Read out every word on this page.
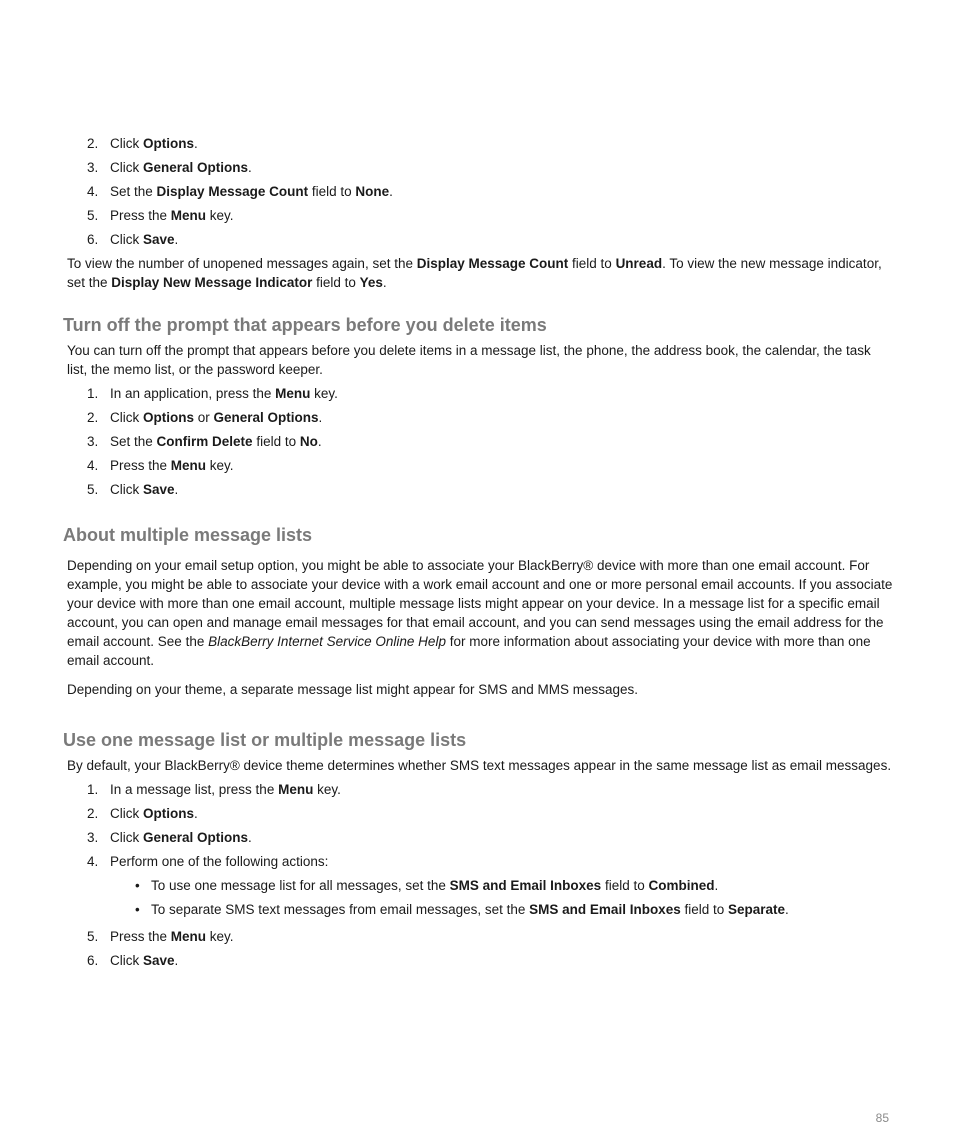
2. Click Options.
3. Click General Options.
4. Set the Display Message Count field to None.
5. Press the Menu key.
6. Click Save.

To view the number of unopened messages again, set the Display Message Count field to Unread. To view the new message indicator, set the Display New Message Indicator field to Yes.

Turn off the prompt that appears before you delete items

You can turn off the prompt that appears before you delete items in a message list, the phone, the address book, the calendar, the task list, the memo list, or the password keeper.

1. In an application, press the Menu key.
2. Click Options or General Options.
3. Set the Confirm Delete field to No.
4. Press the Menu key.
5. Click Save.
About multiple message lists

Depending on your email setup option, you might be able to associate your BlackBerry® device with more than one email account. For example, you might be able to associate your device with a work email account and one or more personal email accounts. If you associate your device with more than one email account, multiple message lists might appear on your device. In a message list for a specific email account, you can open and manage email messages for that email account, and you can send messages using the email address for the email account. See the BlackBerry Internet Service Online Help for more information about associating your device with more than one email account.

Depending on your theme, a separate message list might appear for SMS and MMS messages.

Use one message list or multiple message lists

By default, your BlackBerry® device theme determines whether SMS text messages appear in the same message list as email messages.

1. In a message list, press the Menu key.
2. Click Options.
3. Click General Options.
4. Perform one of the following actions:
• To use one message list for all messages, set the SMS and Email Inboxes field to Combined.
• To separate SMS text messages from email messages, set the SMS and Email Inboxes field to Separate.
5. Press the Menu key.
6. Click Save.
85
